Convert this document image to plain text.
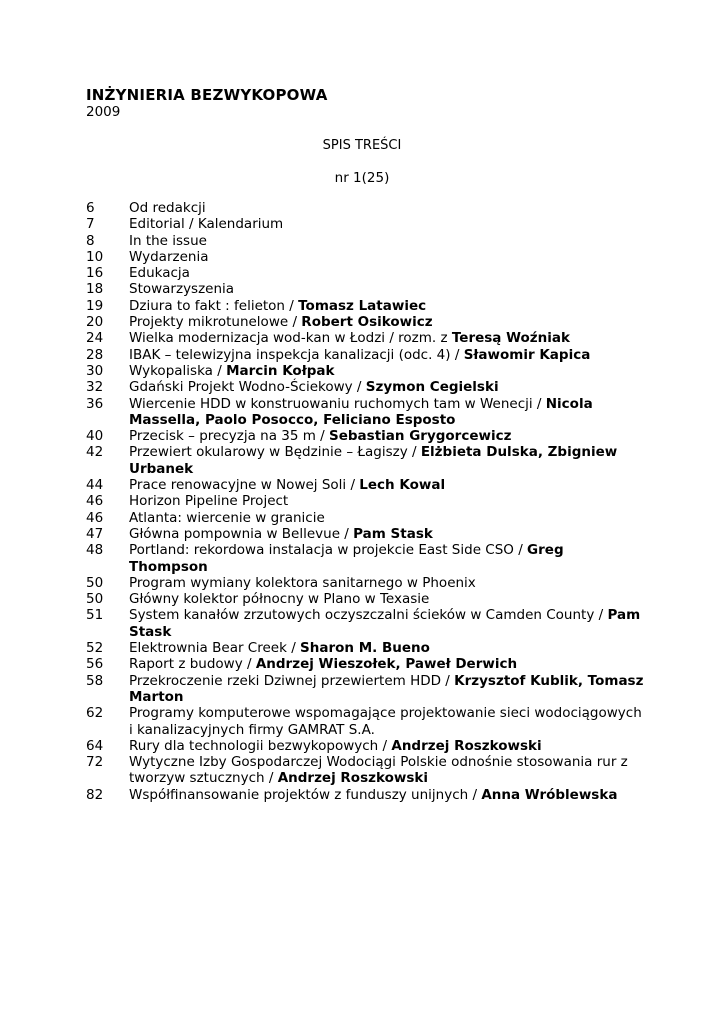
INŻYNIERIA BEZWYKOPOWA
2009
SPIS TREŚCI
nr 1(25)
6	Od redakcji
7	Editorial / Kalendarium
8	In the issue
10	Wydarzenia
16	Edukacja
18	Stowarzyszenia
19	Dziura to fakt : felieton / Tomasz Latawiec
20	Projekty mikrotunelowe / Robert Osikowicz
24	Wielka modernizacja wod-kan w Łodzi / rozm. z Teresą Woźniak
28	IBAK – telewizyjna inspekcja kanalizacji (odc. 4) / Sławomir Kapica
30	Wykopaliska / Marcin Kołpak
32	Gdański Projekt Wodno-Ściekowy / Szymon Cegielski
36	Wiercenie HDD w konstruowaniu ruchomych tam w Wenecji / Nicola Massella, Paolo Posocco, Feliciano Esposto
40	Przecisk – precyzja na 35 m / Sebastian Grygorcewicz
42	Przewiert okularowy w Będzinie – Łagiszy / Elżbieta Dulska, Zbigniew Urbanek
44	Prace renowacyjne w Nowej Soli / Lech Kowal
46	Horizon Pipeline Project
46	Atlanta: wiercenie w granicie
47	Główna pompownia w Bellevue / Pam Stask
48	Portland: rekordowa instalacja w projekcie East Side CSO / Greg Thompson
50	Program wymiany kolektora sanitarnego w Phoenix
50	Główny kolektor północny w Plano w Texasie
51	System kanałów zrzutowych oczyszczalni ścieków w Camden County / Pam Stask
52	Elektrownia Bear Creek / Sharon M. Bueno
56	Raport z budowy / Andrzej Wieszołek, Paweł Derwich
58	Przekroczenie rzeki Dziwnej przewiertem HDD / Krzysztof Kublik, Tomasz Marton
62	Programy komputerowe wspomagające projektowanie sieci wodociągowych i kanalizacyjnych firmy GAMRAT S.A.
64	Rury dla technologii bezwykopowych / Andrzej Roszkowski
72	Wytyczne Izby Gospodarczej Wodociągi Polskie odnośnie stosowania rur z tworzyw sztucznych / Andrzej Roszkowski
82	Współfinansowanie projektów z funduszy unijnych / Anna Wróblewska
